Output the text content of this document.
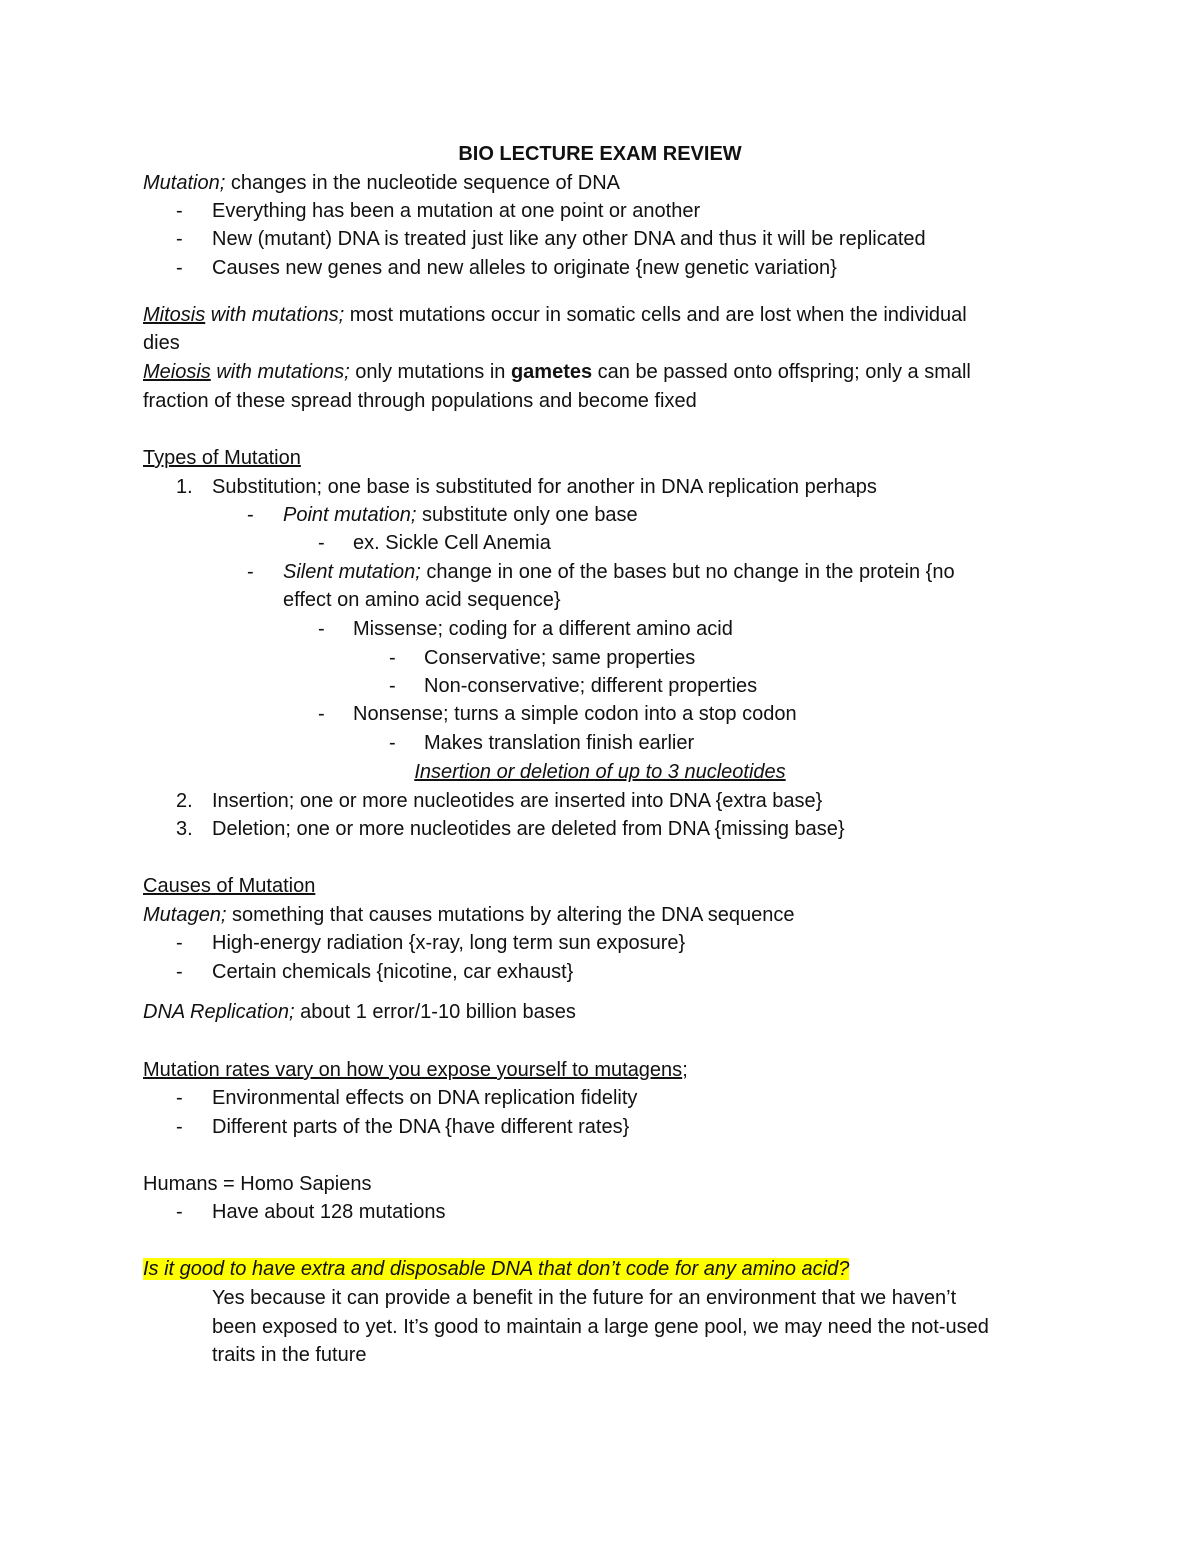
BIO LECTURE EXAM REVIEW
Mutation; changes in the nucleotide sequence of DNA
-
Everything has been a mutation at one point or another
-
New (mutant) DNA is treated just like any other DNA and thus it will be replicated
-
Causes new genes and new alleles to originate {new genetic variation}
Mitosis with mutations; most mutations occur in somatic cells and are lost when the individual
dies
Meiosis with mutations; only mutations in gametes can be passed onto offspring; only a small
fraction of these spread through populations and become fixed
Types of Mutation
1. Substitution; one base is substituted for another in DNA replication perhaps
-
Point mutation; substitute only one base
-
ex. Sickle Cell Anemia
-
Silent mutation; change in one of the bases but no change in the protein {no
effect on amino acid sequence}
-
Missense; coding for a different amino acid
-
Conservative; same properties
-
Non-conservative; different properties
-
Nonsense; turns a simple codon into a stop codon
-
Makes translation finish earlier
Insertion or deletion of up to 3 nucleotides
2. Insertion; one or more nucleotides are inserted into DNA {extra base}
3. Deletion; one or more nucleotides are deleted from DNA {missing base}
Causes of Mutation
Mutagen; something that causes mutations by altering the DNA sequence
-
High-energy radiation {x-ray, long term sun exposure}
-
Certain chemicals {nicotine, car exhaust}
DNA Replication; about 1 error/1-10 billion bases
Mutation rates vary on how you expose yourself to mutagens;
-
Environmental effects on DNA replication fidelity
-
Different parts of the DNA {have different rates}
Humans = Homo Sapiens
-
Have about 128 mutations
Is it good to have extra and disposable DNA that don’t code for any amino acid?
Yes because it can provide a benefit in the future for an environment that we haven’t
been exposed to yet. It’s good to maintain a large gene pool, we may need the not-used
traits in the future
